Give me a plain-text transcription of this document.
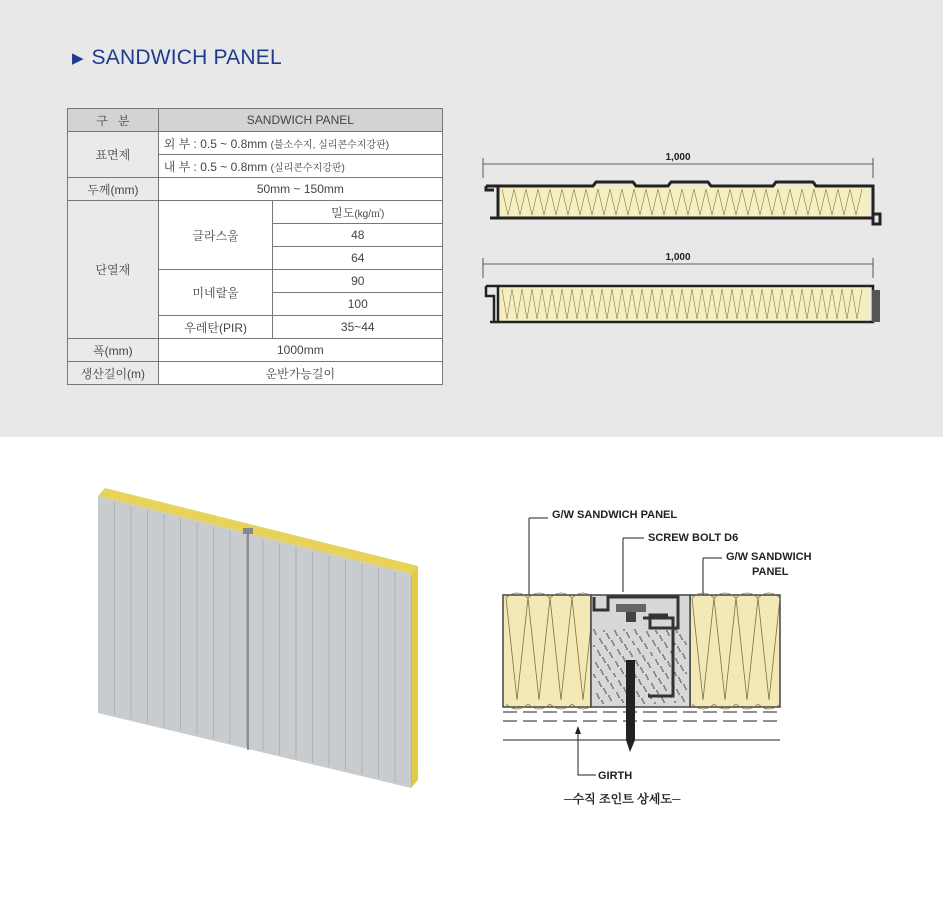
▶ SANDWICH PANEL
구   분	SANDWICH PANEL	
표면제	외 부 : 0.5 ~ 0.8mm (불소수지, 실리콘수지강판)	
	내 부 : 0.5 ~ 0.8mm (실리콘수지강판)	
두께(mm)	50mm ~ 150mm	
단열재	글라스울	밀도(kg/㎥)
		48
		64
	미네랄울	90
		100
	우레탄(PIR)	35~44
폭(mm)	1000mm	
생산길이(m)	운반가능길이	
1,000
1,000
G/W SANDWICH PANEL
SCREW BOLT D6
G/W SANDWICH
PANEL
GIRTH
─수직 조인트 상세도─
